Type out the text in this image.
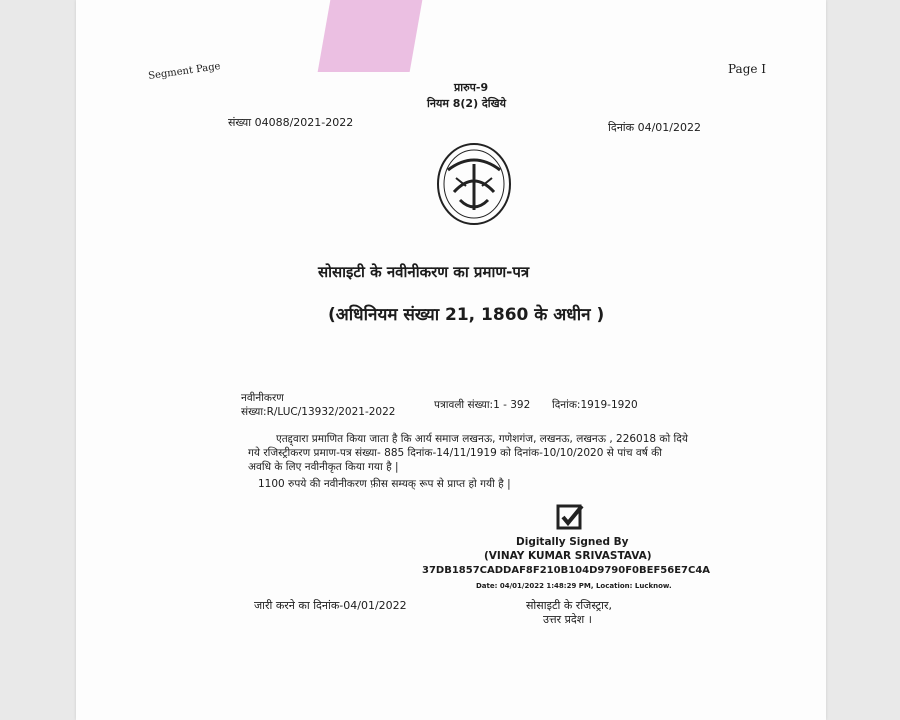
Segment Page	Page I
प्रारुप-9
नियम 8(2) देखिये
संख्या 04088/2021-2022	दिनांक 04/01/2022
सोसाइटी के नवीनीकरण का प्रमाण-पत्र
(अधिनियम संख्या 21, 1860 के अधीन )
नवीनीकरण
संख्या:R/LUC/13932/2021-2022
पत्रावली संख्या:1 - 392 दिनांक:1919-1920
एतद्द्वारा प्रमाणित किया जाता है कि आर्य समाज लखनऊ, गणेशगंज, लखनऊ, लखनऊ , 226018 को दिये
गये रजिस्ट्रीकरण प्रमाण-पत्र संख्या- 885 दिनांक-14/11/1919 को दिनांक-10/10/2020 से पांच वर्ष की
अवधि के लिए नवीनीकृत किया गया है |
1100 रुपये की नवीनीकरण फ़ीस सम्यक् रूप से प्राप्त हो गयी है |
Digitally Signed By
(VINAY KUMAR SRIVASTAVA)
37DB1857CADDAF8F210B104D9790F0BEF56E7C4A
Date: 04/01/2022 1:48:29 PM, Location: Lucknow.
जारी करने का दिनांक-04/01/2022	सोसाइटी के रजिस्ट्रार,
उत्तर प्रदेश ।
